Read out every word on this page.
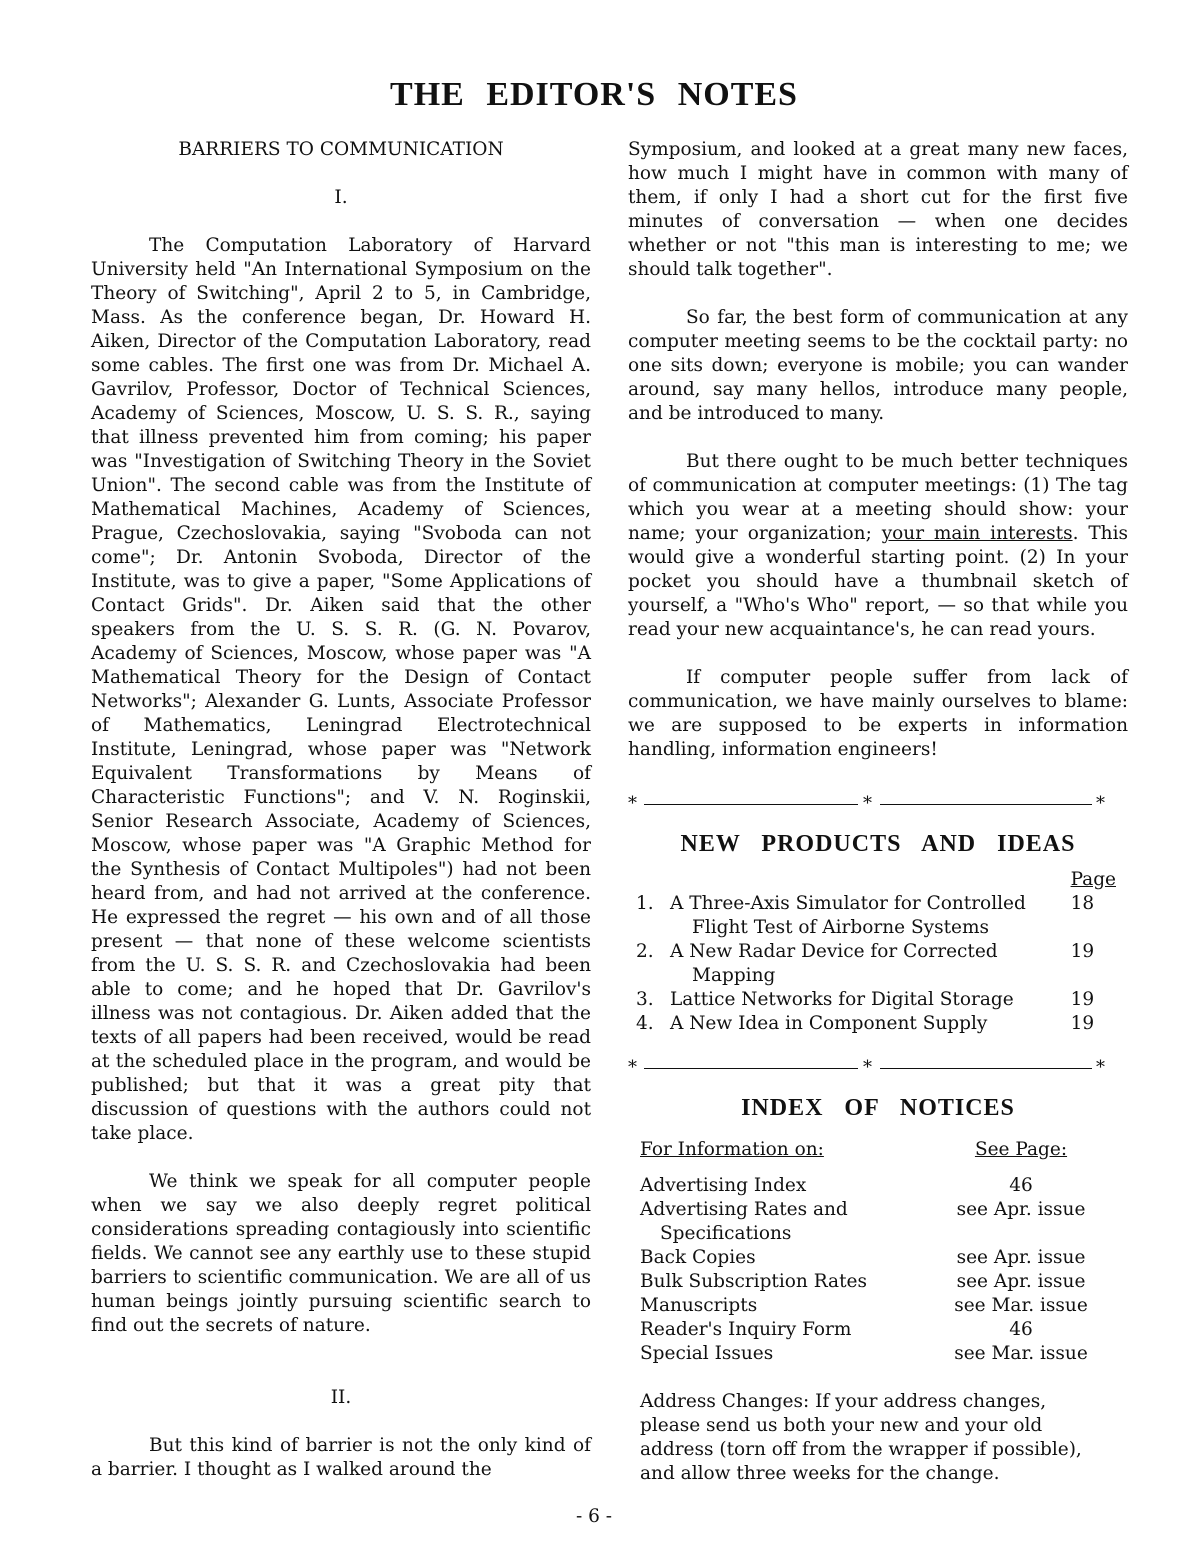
THE EDITOR'S NOTES

BARRIERS TO COMMUNICATION

I.

The Computation Laboratory of Harvard University held "An International Symposium on the Theory of Switching", April 2 to 5, in Cambridge, Mass. As the conference began, Dr. Howard H. Aiken, Director of the Computation Laboratory, read some cables. The first one was from Dr. Michael A. Gavrilov, Professor, Doctor of Technical Sciences, Academy of Sciences, Moscow, U. S. S. R., saying that illness prevented him from coming; his paper was "Investigation of Switching Theory in the Soviet Union". The second cable was from the Institute of Mathematical Machines, Academy of Sciences, Prague, Czechoslovakia, saying "Svoboda can not come"; Dr. Antonin Svoboda, Director of the Institute, was to give a paper, "Some Applications of Contact Grids". Dr. Aiken said that the other speakers from the U. S. S. R. (G. N. Povarov, Academy of Sciences, Moscow, whose paper was "A Mathematical Theory for the Design of Contact Networks"; Alexander G. Lunts, Associate Professor of Mathematics, Leningrad Electrotechnical Institute, Leningrad, whose paper was "Network Equivalent Transformations by Means of Characteristic Functions"; and V. N. Roginskii, Senior Research Associate, Academy of Sciences, Moscow, whose paper was "A Graphic Method for the Synthesis of Contact Multipoles") had not been heard from, and had not arrived at the conference. He expressed the regret — his own and of all those present — that none of these welcome scientists from the U. S. S. R. and Czechoslovakia had been able to come; and he hoped that Dr. Gavrilov's illness was not contagious. Dr. Aiken added that the texts of all papers had been received, would be read at the scheduled place in the program, and would be published; but that it was a great pity that discussion of questions with the authors could not take place.

We think we speak for all computer people when we say we also deeply regret political considerations spreading contagiously into scientific fields. We cannot see any earthly use to these stupid barriers to scientific communication. We are all of us human beings jointly pursuing scientific search to find out the secrets of nature.

II.

But this kind of barrier is not the only kind of a barrier. I thought as I walked around the

Symposium, and looked at a great many new faces, how much I might have in common with many of them, if only I had a short cut for the first five minutes of conversation — when one decides whether or not "this man is interesting to me; we should talk together".

So far, the best form of communication at any computer meeting seems to be the cocktail party: no one sits down; everyone is mobile; you can wander around, say many hellos, introduce many people, and be introduced to many.

But there ought to be much better techniques of communication at computer meetings: (1) The tag which you wear at a meeting should show: your name; your organization; your main interests. This would give a wonderful starting point. (2) In your pocket you should have a thumbnail sketch of yourself, a "Who's Who" report, — so that while you read your new acquaintance's, he can read yours.

If computer people suffer from lack of communication, we have mainly ourselves to blame: we are supposed to be experts in information handling, information engineers!

*	*	*

NEW PRODUCTS AND IDEAS

		Page
1.	A Three-Axis Simulator for Controlled
Flight Test of Airborne Systems	18
2.	A New Radar Device for Corrected
Mapping	19
3.	Lattice Networks for Digital Storage	19
4.	A New Idea in Component Supply	19
*	*	*

INDEX OF NOTICES

For Information on:	See Page:

Advertising Index	46
Advertising Rates and
Specifications	see Apr. issue
Back Copies	see Apr. issue
Bulk Subscription Rates	see Apr. issue
Manuscripts	see Mar. issue
Reader's Inquiry Form	46
Special Issues	see Mar. issue

Address Changes: If your address changes, please send us both your new and your old address (torn off from the wrapper if possible), and allow three weeks for the change.

- 6 -
